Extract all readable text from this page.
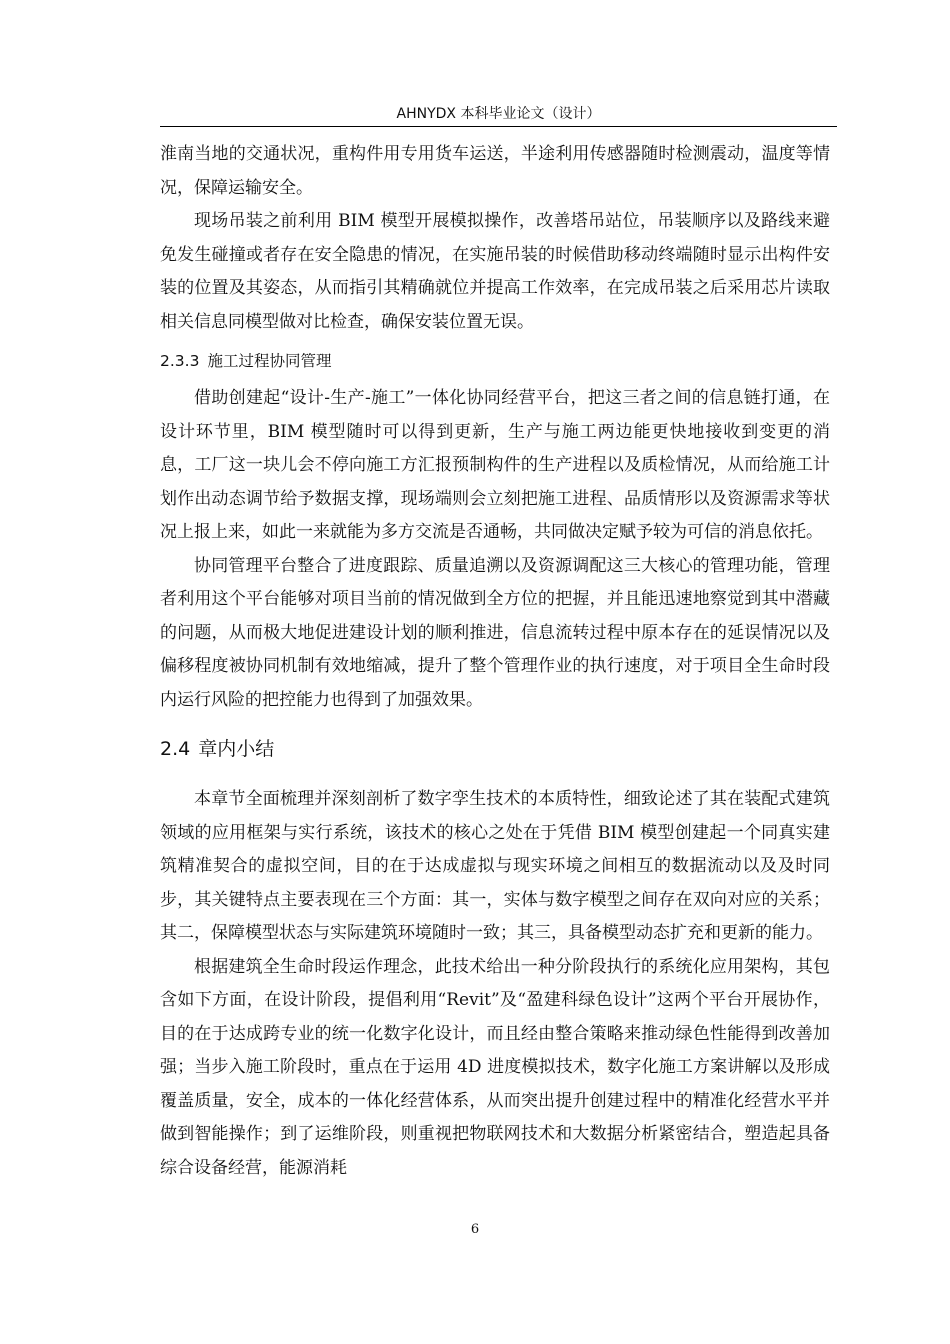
AHNYDX 本科毕业论文（设计）

淮南当地的交通状况，重构件用专用货车运送，半途利用传感器随时检测震动，温度等情况，保障运输安全。

现场吊装之前利用 BIM 模型开展模拟操作，改善塔吊站位，吊装顺序以及路线来避免发生碰撞或者存在安全隐患的情况，在实施吊装的时候借助移动终端随时显示出构件安装的位置及其姿态，从而指引其精确就位并提高工作效率，在完成吊装之后采用芯片读取相关信息同模型做对比检查，确保安装位置无误。

2.3.3 施工过程协同管理

借助创建起“设计-生产-施工”一体化协同经营平台，把这三者之间的信息链打通，在设计环节里，BIM 模型随时可以得到更新，生产与施工两边能更快地接收到变更的消息，工厂这一块儿会不停向施工方汇报预制构件的生产进程以及质检情况，从而给施工计划作出动态调节给予数据支撑，现场端则会立刻把施工进程、品质情形以及资源需求等状况上报上来，如此一来就能为多方交流是否通畅，共同做决定赋予较为可信的消息依托。

协同管理平台整合了进度跟踪、质量追溯以及资源调配这三大核心的管理功能，管理者利用这个平台能够对项目当前的情况做到全方位的把握，并且能迅速地察觉到其中潜藏的问题，从而极大地促进建设计划的顺利推进，信息流转过程中原本存在的延误情况以及偏移程度被协同机制有效地缩减，提升了整个管理作业的执行速度，对于项目全生命时段内运行风险的把控能力也得到了加强效果。

2.4 章内小结

本章节全面梳理并深刻剖析了数字孪生技术的本质特性，细致论述了其在装配式建筑领域的应用框架与实行系统，该技术的核心之处在于凭借 BIM 模型创建起一个同真实建筑精准契合的虚拟空间，目的在于达成虚拟与现实环境之间相互的数据流动以及及时同步，其关键特点主要表现在三个方面：其一，实体与数字模型之间存在双向对应的关系；其二，保障模型状态与实际建筑环境随时一致；其三，具备模型动态扩充和更新的能力。

根据建筑全生命时段运作理念，此技术给出一种分阶段执行的系统化应用架构，其包含如下方面，在设计阶段，提倡利用“Revit”及“盈建科绿色设计”这两个平台开展协作，目的在于达成跨专业的统一化数字化设计，而且经由整合策略来推动绿色性能得到改善加强；当步入施工阶段时，重点在于运用 4D 进度模拟技术，数字化施工方案讲解以及形成覆盖质量，安全，成本的一体化经营体系，从而突出提升创建过程中的精准化经营水平并做到智能操作；到了运维阶段，则重视把物联网技术和大数据分析紧密结合，塑造起具备综合设备经营，能源消耗

6
